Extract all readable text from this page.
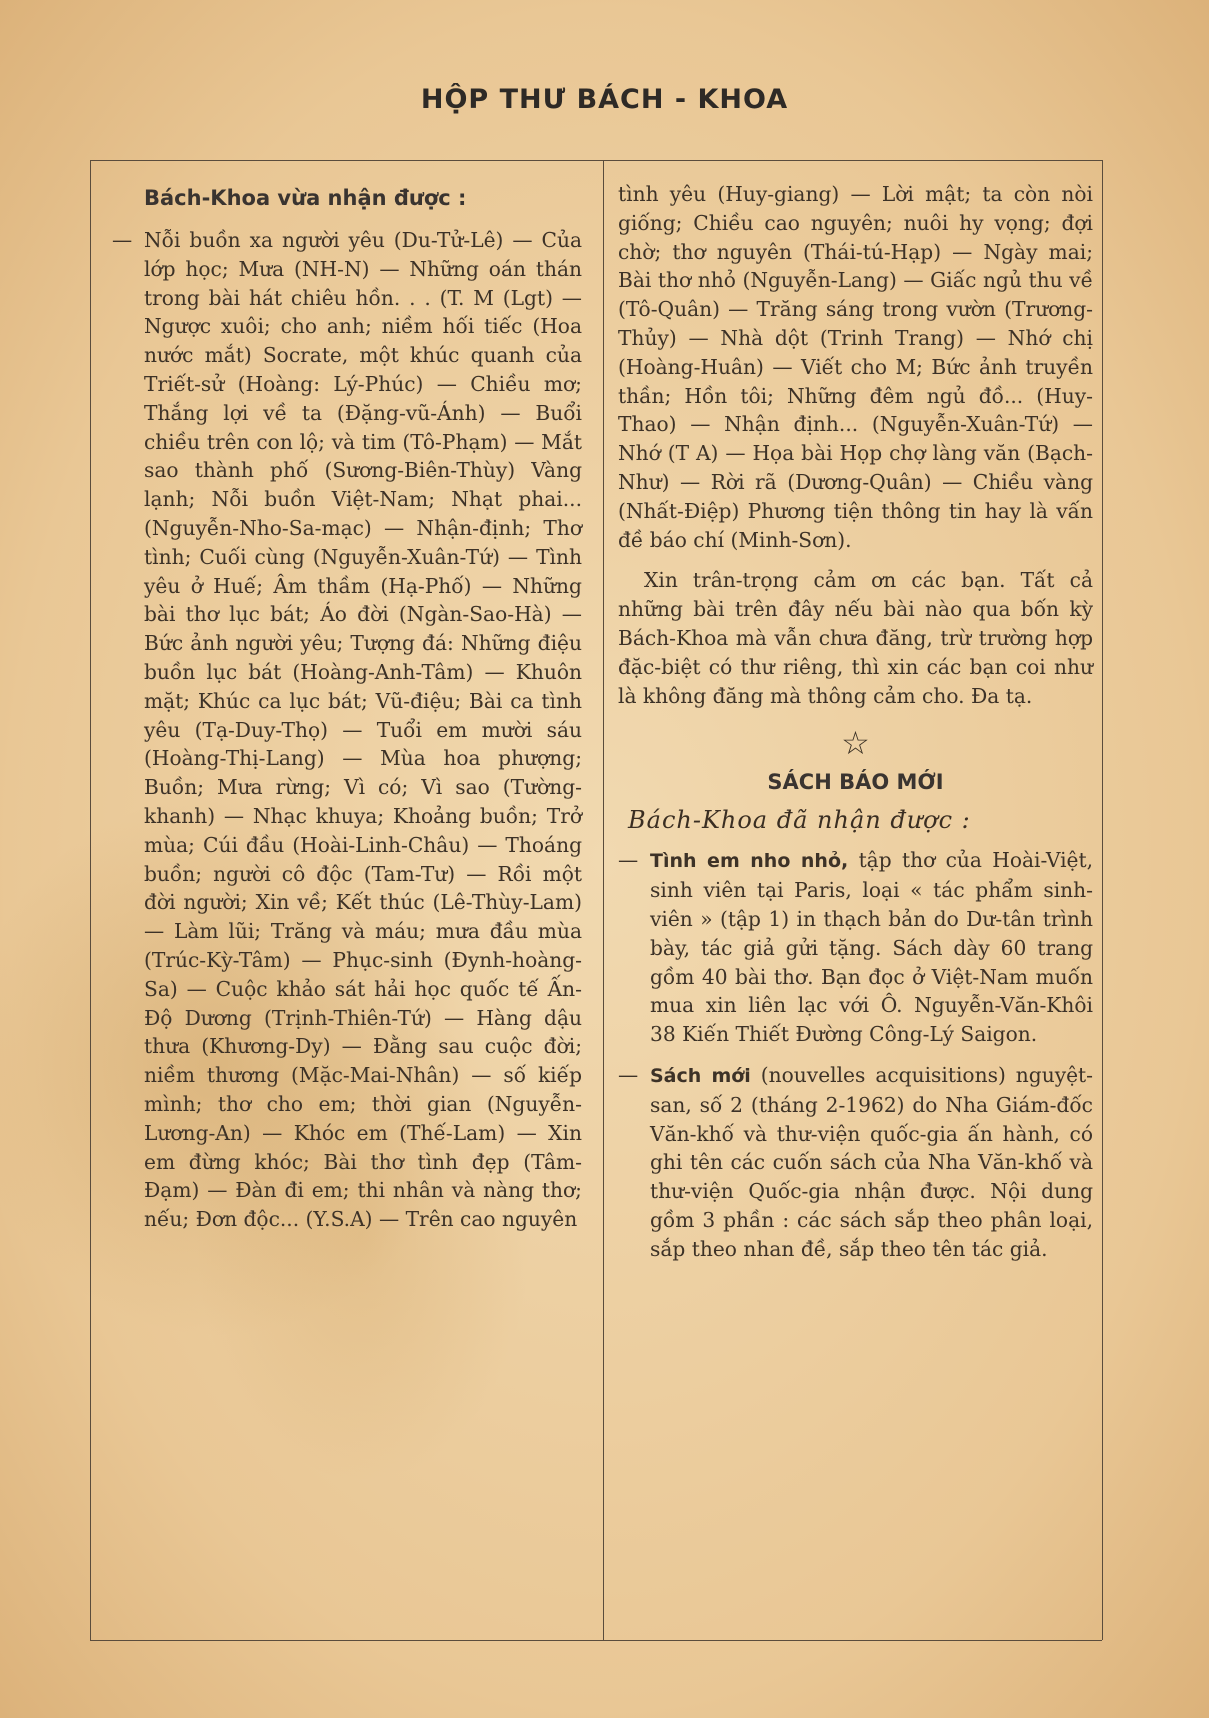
HỘP THƯ BÁCH - KHOA
Bách-Khoa vừa nhận được :
— Nỗi buồn xa người yêu (Du-Tử-Lê) — Của lớp học; Mưa (NH-N) — Những oán thán trong bài hát chiêu hồn. . . (T. M (Lgt) — Ngược xuôi; cho anh; niềm hối tiếc (Hoa nước mắt) Socrate, một khúc quanh của Triết-sử (Hoàng: Lý-Phúc) — Chiều mơ; Thắng lợi về ta (Đặng-vũ-Ánh) — Buổi chiều trên con lộ; và tim (Tô-Phạm) — Mắt sao thành phố (Sương-Biên-Thùy) Vàng lạnh; Nỗi buồn Việt-Nam; Nhạt phai... (Nguyễn-Nho-Sa-mạc) — Nhận-định; Thơ tình; Cuối cùng (Nguyễn-Xuân-Tứ) — Tình yêu ở Huế; Âm thầm (Hạ-Phố) — Những bài thơ lục bát; Áo đời (Ngàn-Sao-Hà) — Bức ảnh người yêu; Tượng đá: Những điệu buồn lục bát (Hoàng-Anh-Tâm) — Khuôn mặt; Khúc ca lục bát; Vũ-điệu; Bài ca tình yêu (Tạ-Duy-Thọ) — Tuổi em mười sáu (Hoàng-Thị-Lang) — Mùa hoa phượng; Buồn; Mưa rừng; Vì có; Vì sao (Tường-khanh) — Nhạc khuya; Khoảng buồn; Trở mùa; Cúi đầu (Hoài-Linh-Châu) — Thoáng buồn; người cô độc (Tam-Tư) — Rồi một đời người; Xin về; Kết thúc (Lê-Thùy-Lam) — Làm lũi; Trăng và máu; mưa đầu mùa (Trúc-Kỳ-Tâm) — Phục-sinh (Đynh-hoàng-Sa) — Cuộc khảo sát hải học quốc tế Ấn-Độ Dương (Trịnh-Thiên-Tứ) — Hàng dậu thưa (Khương-Dy) — Đằng sau cuộc đời; niềm thương (Mặc-Mai-Nhân) — số kiếp mình; thơ cho em; thời gian (Nguyễn-Lương-An) — Khóc em (Thế-Lam) — Xin em đừng khóc; Bài thơ tình đẹp (Tâm-Đạm) — Đàn đi em; thi nhân và nàng thơ; nếu; Đơn độc... (Y.S.A) — Trên cao nguyên
tình yêu (Huy-giang) — Lời mật; ta còn nòi giống; Chiều cao nguyên; nuôi hy vọng; đợi chờ; thơ nguyên (Thái-tú-Hạp) — Ngày mai; Bài thơ nhỏ (Nguyễn-Lang) — Giấc ngủ thu về (Tô-Quân) — Trăng sáng trong vườn (Trương-Thủy) — Nhà dột (Trinh Trang) — Nhớ chị (Hoàng-Huân) — Viết cho M; Bức ảnh truyền thần; Hồn tôi; Những đêm ngủ đồ... (Huy-Thao) — Nhận định... (Nguyễn-Xuân-Tứ) — Nhớ (T A) — Họa bài Họp chợ làng văn (Bạch-Như) — Rời rã (Dương-Quân) — Chiều vàng (Nhất-Điệp) Phương tiện thông tin hay là vấn đề báo chí (Minh-Sơn).
Xin trân-trọng cảm ơn các bạn. Tất cả những bài trên đây nếu bài nào qua bốn kỳ Bách-Khoa mà vẫn chưa đăng, trừ trường hợp đặc-biệt có thư riêng, thì xin các bạn coi như là không đăng mà thông cảm cho. Đa tạ.
☆
SÁCH BÁO MỚI
Bách-Khoa đã nhận được :
— Tình em nho nhỏ, tập thơ của Hoài-Việt, sinh viên tại Paris, loại « tác phẩm sinh-viên » (tập 1) in thạch bản do Dư-tân trình bày, tác giả gửi tặng. Sách dày 60 trang gồm 40 bài thơ. Bạn đọc ở Việt-Nam muốn mua xin liên lạc với Ô. Nguyễn-Văn-Khôi 38 Kiến Thiết Đường Công-Lý Saigon.
— Sách mới (nouvelles acquisitions) nguyệt-san, số 2 (tháng 2-1962) do Nha Giám-đốc Văn-khố và thư-viện quốc-gia ấn hành, có ghi tên các cuốn sách của Nha Văn-khố và thư-viện Quốc-gia nhận được. Nội dung gồm 3 phần : các sách sắp theo phân loại, sắp theo nhan đề, sắp theo tên tác giả.
